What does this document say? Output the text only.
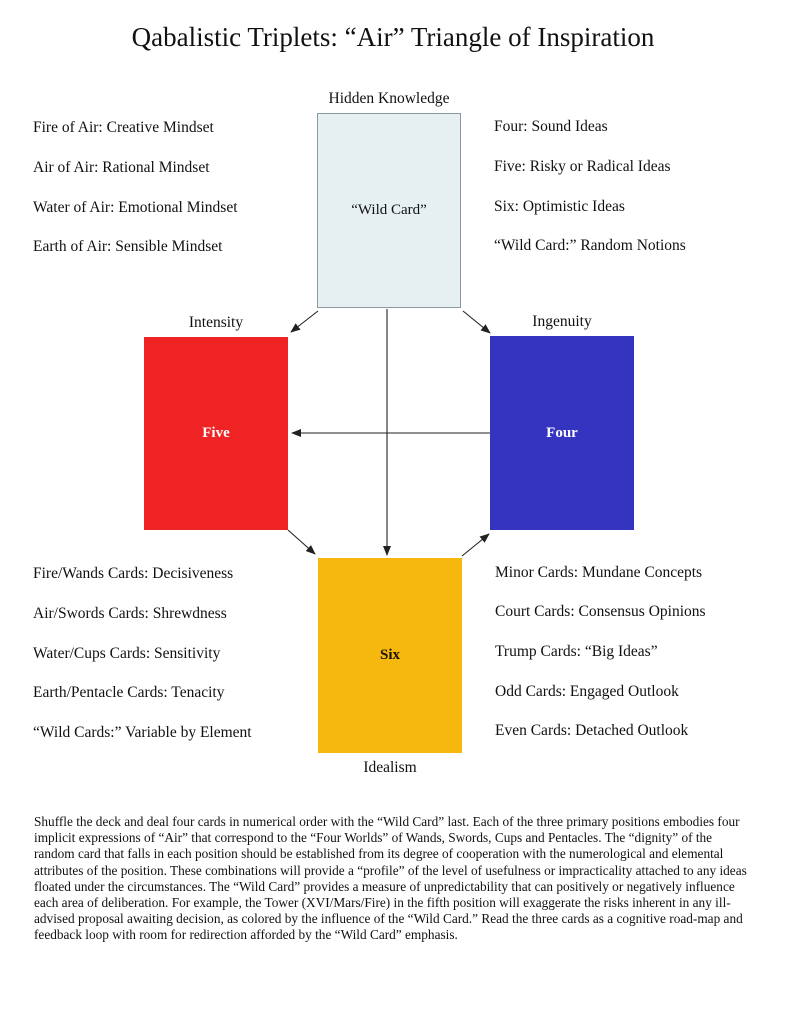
Qabalistic Triplets: “Air” Triangle of Inspiration
Hidden Knowledge
Intensity	Ingenuity
Idealism
“Wild Card”
Five	Four
Six
Fire of Air: Creative Mindset
Air of Air: Rational Mindset
Water of Air: Emotional Mindset
Earth of Air: Sensible Mindset
Four: Sound Ideas
Five: Risky or Radical Ideas
Six: Optimistic Ideas
“Wild Card:” Random Notions
Fire/Wands Cards: Decisiveness
Air/Swords Cards: Shrewdness
Water/Cups Cards: Sensitivity
Earth/Pentacle Cards: Tenacity
“Wild Cards:” Variable by Element
Minor Cards: Mundane Concepts
Court Cards: Consensus Opinions
Trump Cards: “Big Ideas”
Odd Cards: Engaged Outlook
Even Cards: Detached Outlook
Shuffle the deck and deal four cards in numerical order with the “Wild Card” last. Each of the three primary positions embodies four implicit expressions of “Air” that correspond to the “Four Worlds” of Wands, Swords, Cups and Pentacles. The “dignity” of the random card that falls in each position should be established from its degree of cooperation with the numerological and elemental attributes of the position. These combinations will provide a “profile” of the level of usefulness or impracticality attached to any ideas floated under the circumstances. The “Wild Card” provides a measure of unpredictability that can positively or negatively influence each area of deliberation. For example, the Tower (XVI/Mars/Fire) in the fifth position will exaggerate the risks inherent in any ill-advised proposal awaiting decision, as colored by the influence of the “Wild Card.” Read the three cards as a cognitive road-map and feedback loop with room for redirection afforded by the “Wild Card” emphasis.
